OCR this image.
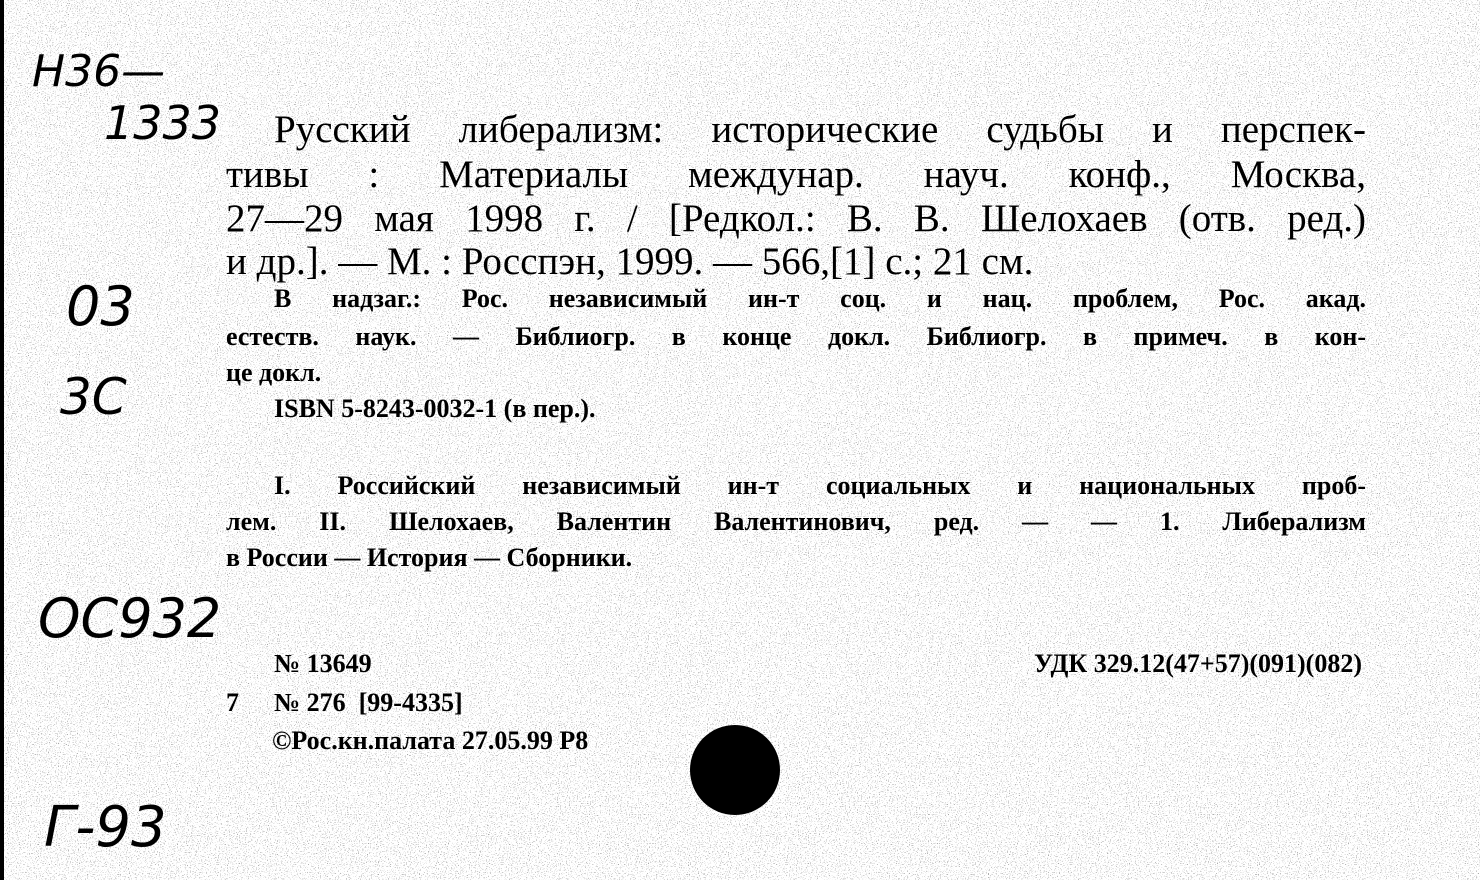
Н36—
1333
03
3С
ОС932
Г-93
Русский либерализм: исторические судьбы и перспек-
тивы : Материалы междунар. науч. конф., Москва,
27—29 мая 1998 г. / [Редкол.: В. В. Шелохаев (отв. ред.)
и др.]. — М. : Росспэн, 1999. — 566,[1] с.; 21 см.
В надзаг.: Рос. независимый ин-т соц. и нац. проблем, Рос. акад.
естеств. наук. — Библиогр. в конце докл. Библиогр. в примеч. в кон-
це докл.
ISBN 5-8243-0032-1 (в пер.).
I. Российский независимый ин-т социальных и национальных проб-
лем. II. Шелохаев, Валентин Валентинович, ред. — — 1. Либерализм
в России — История — Сборники.
№ 13649	УДК 329.12(47+57)(091)(082)
7	№ 276  [99-4335]
©Рос.кн.палата 27.05.99 Р8
